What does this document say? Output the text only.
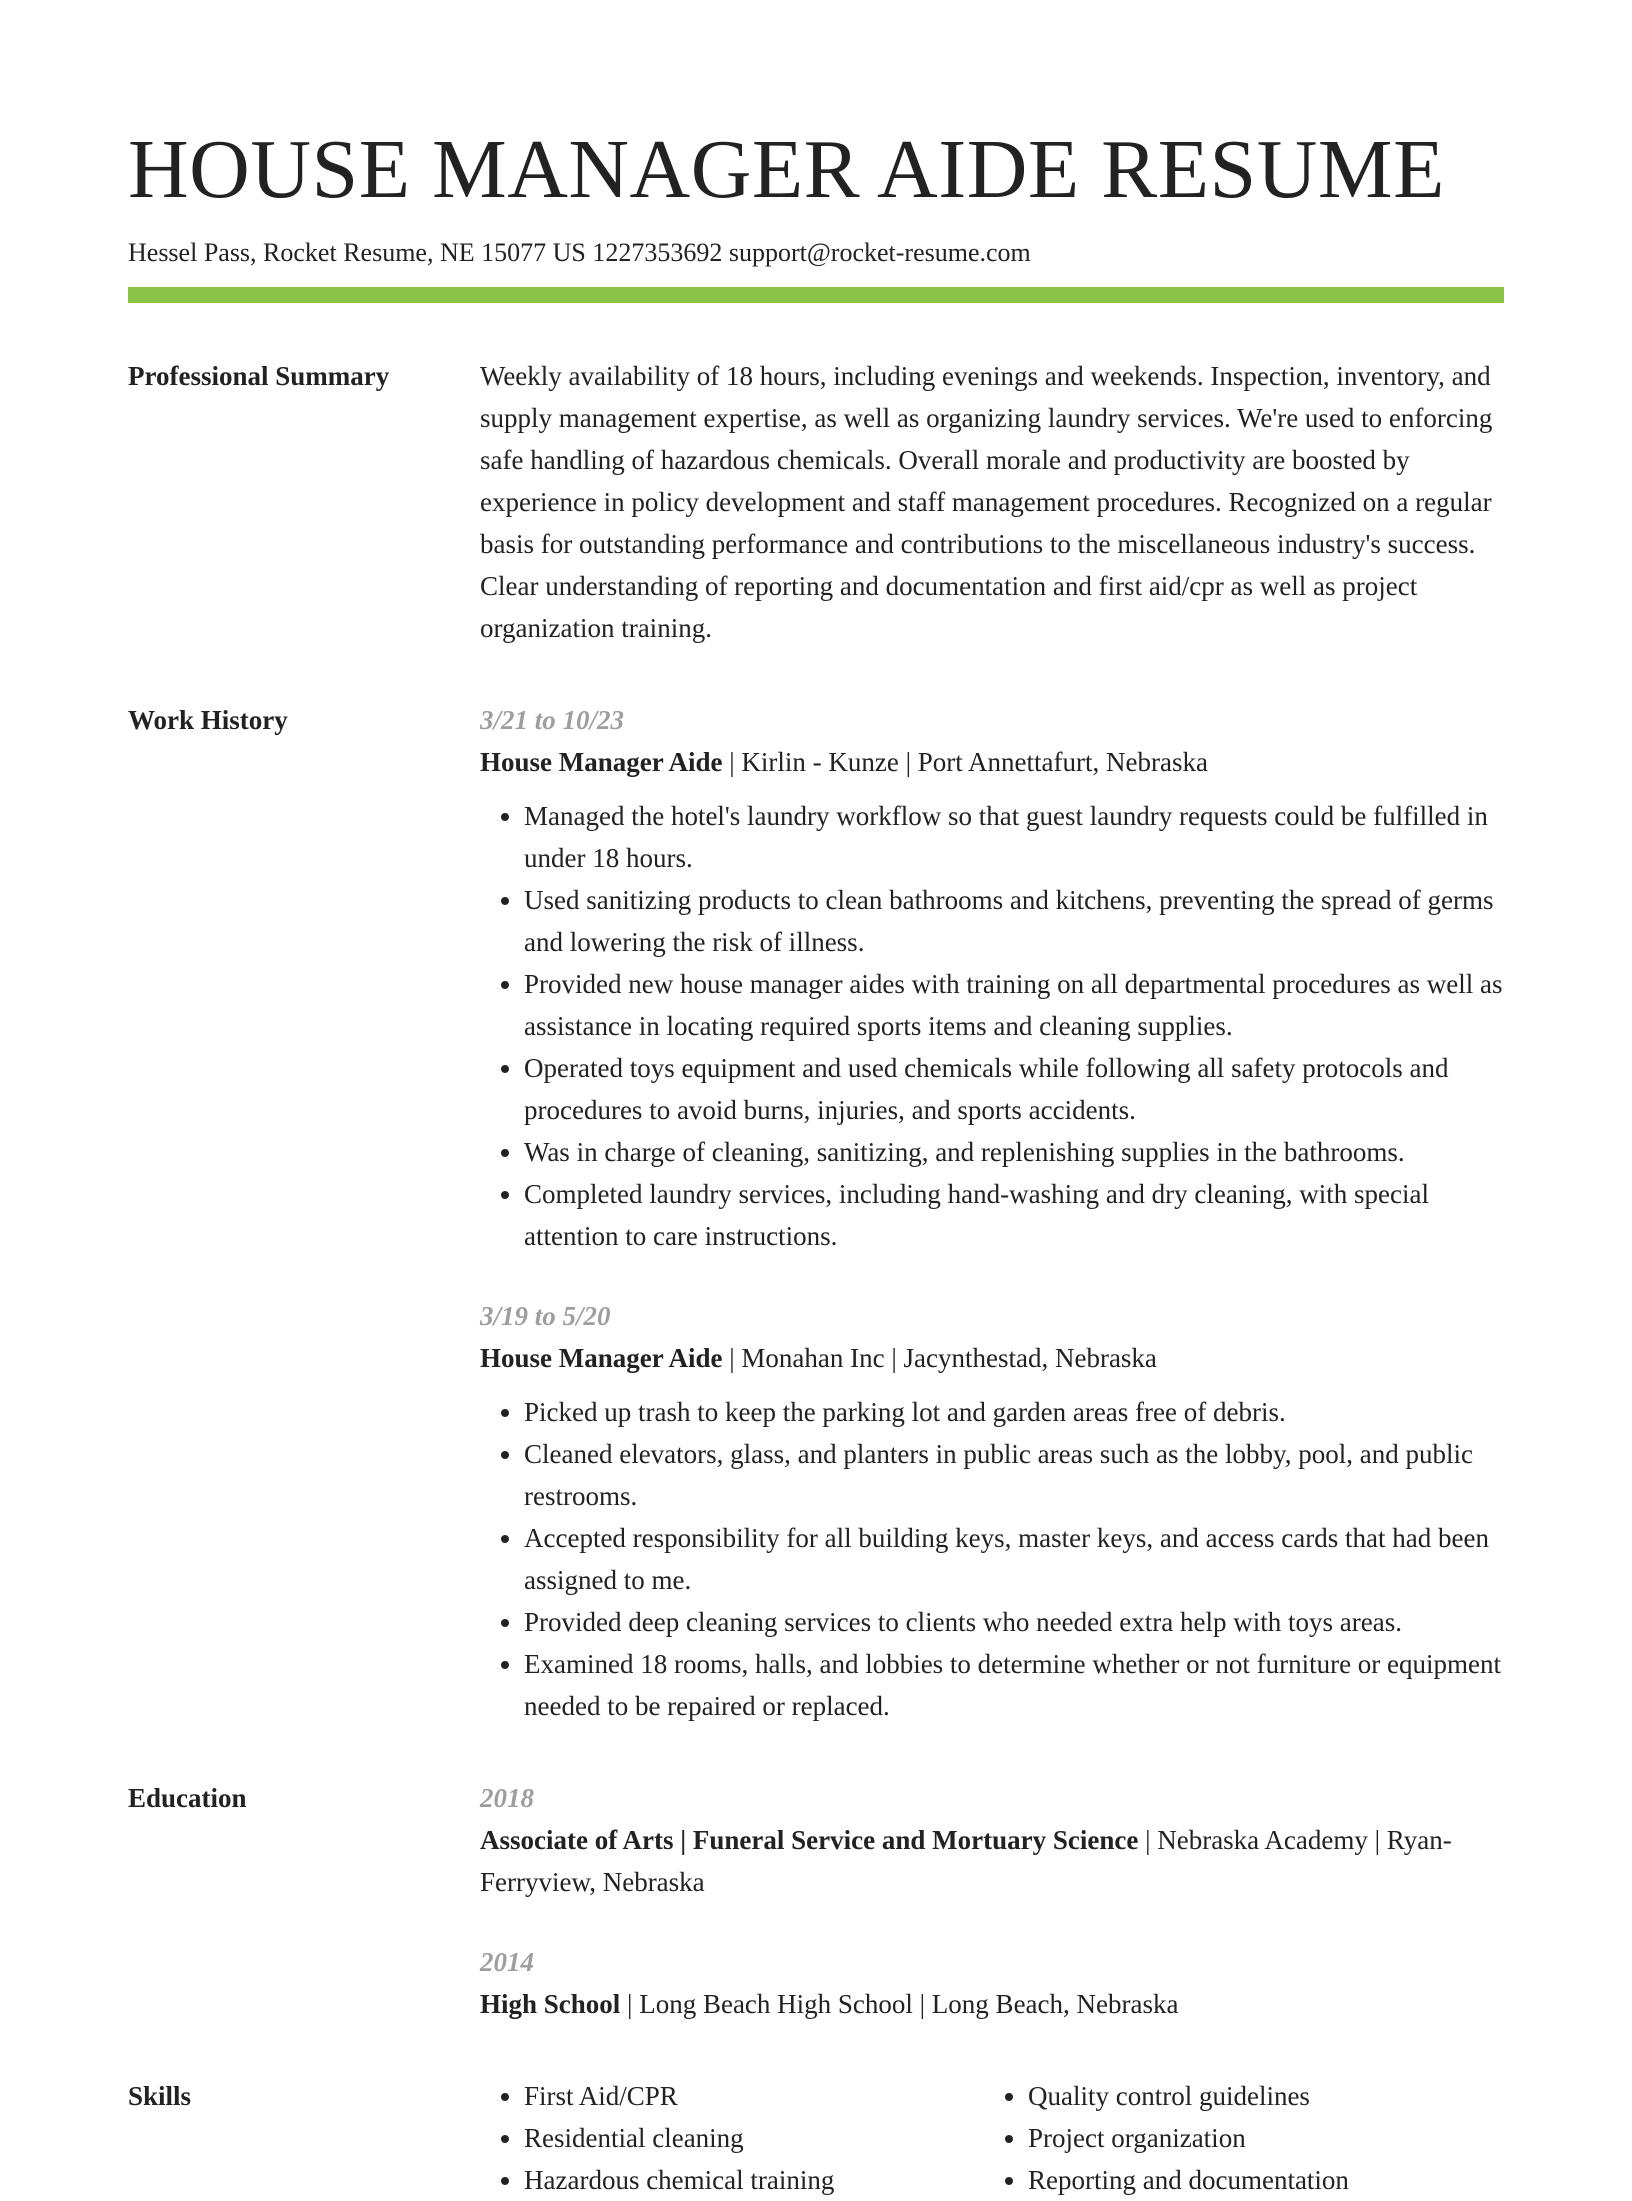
HOUSE MANAGER AIDE RESUME
Hessel Pass, Rocket Resume, NE 15077 US 1227353692 support@rocket-resume.com
Professional Summary	Weekly availability of 18 hours, including evenings and weekends. Inspection, inventory, and supply management expertise, as well as organizing laundry services. We're used to enforcing safe handling of hazardous chemicals. Overall morale and productivity are boosted by experience in policy development and staff management procedures. Recognized on a regular basis for outstanding performance and contributions to the miscellaneous industry's success. Clear understanding of reporting and documentation and first aid/cpr as well as project organization training.

Work History	3/21 to 10/23
House Manager Aide | Kirlin - Kunze | Port Annettafurt, Nebraska
• Managed the hotel's laundry workflow so that guest laundry requests could be fulfilled in under 18 hours.
• Used sanitizing products to clean bathrooms and kitchens, preventing the spread of germs and lowering the risk of illness.
• Provided new house manager aides with training on all departmental procedures as well as assistance in locating required sports items and cleaning supplies.
• Operated toys equipment and used chemicals while following all safety protocols and procedures to avoid burns, injuries, and sports accidents.
• Was in charge of cleaning, sanitizing, and replenishing supplies in the bathrooms.
• Completed laundry services, including hand-washing and dry cleaning, with special attention to care instructions.
3/19 to 5/20
House Manager Aide | Monahan Inc | Jacynthestad, Nebraska
• Picked up trash to keep the parking lot and garden areas free of debris.
• Cleaned elevators, glass, and planters in public areas such as the lobby, pool, and public restrooms.
• Accepted responsibility for all building keys, master keys, and access cards that had been assigned to me.
• Provided deep cleaning services to clients who needed extra help with toys areas.
• Examined 18 rooms, halls, and lobbies to determine whether or not furniture or equipment needed to be repaired or replaced.
Education	2018
Associate of Arts | Funeral Service and Mortuary Science | Nebraska Academy | Ryan-Ferryview, Nebraska
2014
High School | Long Beach High School | Long Beach, Nebraska
Skills
•	First Aid/CPR
• Residential cleaning
• Hazardous chemical training
• Quality control guidelines
• Project organization
• Reporting and documentation
